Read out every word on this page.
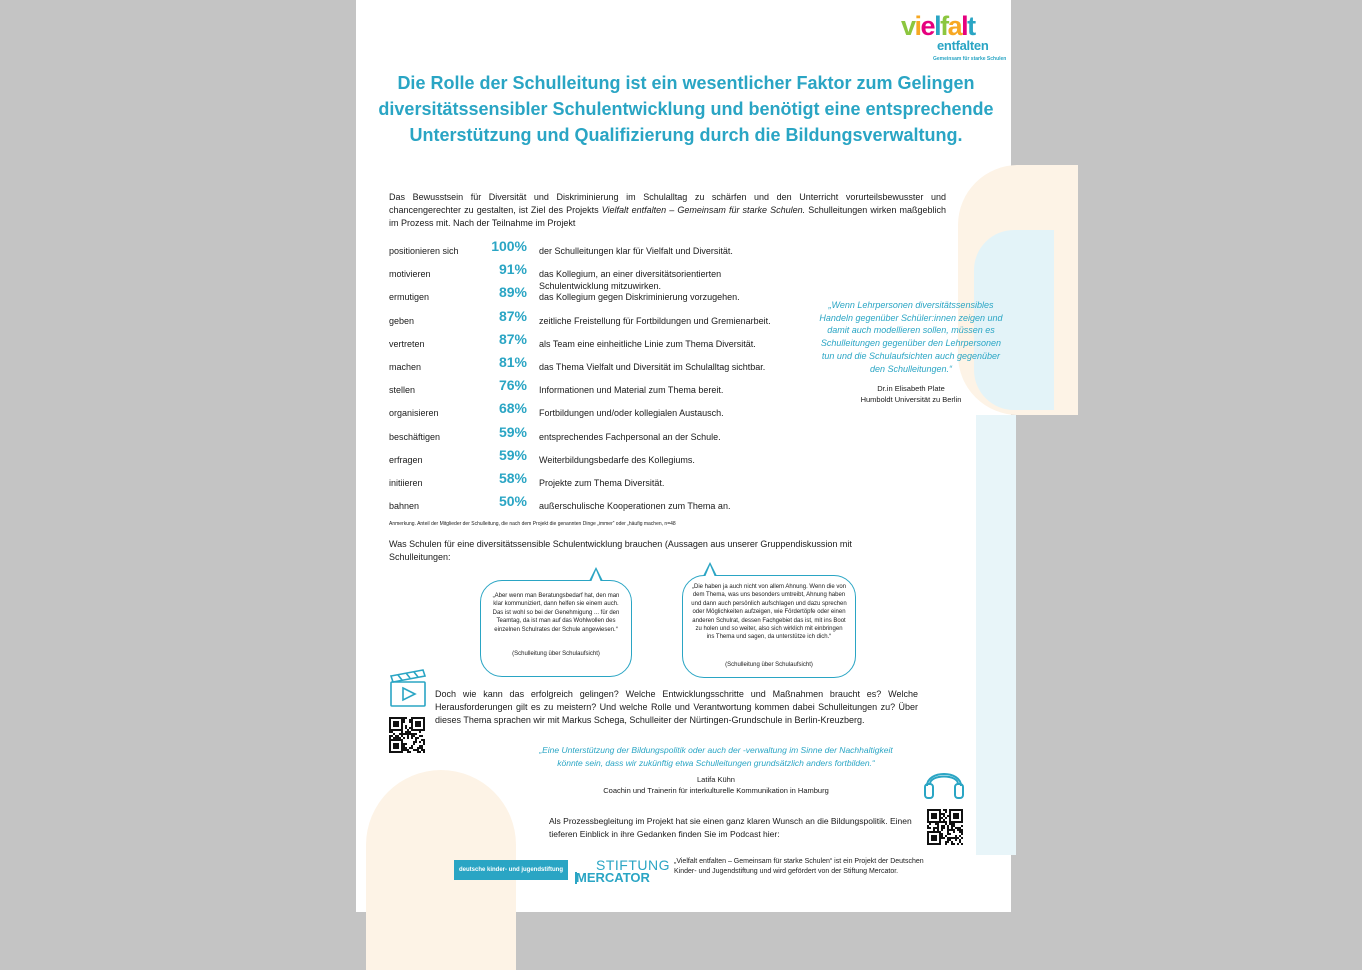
vielfalt
entfalten
Gemeinsam für starke Schulen
Die Rolle der Schulleitung ist ein wesentlicher Faktor zum Gelingen diversitätssensibler Schulentwicklung und benötigt eine entsprechende Unterstützung und Qualifizierung durch die Bildungsverwaltung.

Das Bewusstsein für Diversität und Diskriminierung im Schulalltag zu schärfen und den Unterricht vorurteilsbewusster und chancengerechter zu gestalten, ist Ziel des Projekts Vielfalt entfalten – Gemeinsam für starke Schulen. Schulleitungen wirken maßgeblich im Prozess mit. Nach der Teilnahme im Projekt

positionieren sich	100% der Schulleitungen klar für Vielfalt und Diversität.
motivieren	91% das Kollegium, an einer diversitätsorientierten Schulentwicklung mitzuwirken.
ermutigen	89% das Kollegium gegen Diskriminierung vorzugehen.
geben	87% zeitliche Freistellung für Fortbildungen und Gremienarbeit.
vertreten	87% als Team eine einheitliche Linie zum Thema Diversität.
machen	81% das Thema Vielfalt und Diversität im Schulalltag sichtbar.
stellen	76% Informationen und Material zum Thema bereit.
organisieren	68% Fortbildungen und/oder kollegialen Austausch.
beschäftigen	59% entsprechendes Fachpersonal an der Schule.
erfragen	59% Weiterbildungsbedarfe des Kollegiums.
initiieren	58% Projekte zum Thema Diversität.
bahnen	50% außerschulische Kooperationen zum Thema an.
Anmerkung. Anteil der Mitglieder der Schulleitung, die nach dem Projekt die genannten Dinge „immer“ oder „häufig machen, n=48

„Wenn Lehrpersonen diversitätssensibles Handeln gegenüber Schüler:innen zeigen und damit auch modellieren sollen, müssen es Schulleitungen gegenüber den Lehrpersonen tun und die Schulaufsichten auch gegenüber den Schulleitungen.“

Dr.in Elisabeth Plate

Humboldt Universität zu Berlin

Was Schulen für eine diversitätssensible Schulentwicklung brauchen (Aussagen aus unserer Gruppendiskussion mit Schulleitungen:

„Aber wenn man Beratungsbedarf hat, den man klar kommuniziert, dann helfen sie einem auch. Das ist wohl so bei der Genehmigung ... für den Teamtag, da ist man auf das Wohlwollen des einzelnen Schulrates der Schule angewiesen.“

(Schulleitung über Schulaufsicht)

„Die haben ja auch nicht von allem Ahnung. Wenn die von dem Thema, was uns besonders umtreibt, Ahnung haben und dann auch persönlich aufschlagen und dazu sprechen oder Möglichkeiten aufzeigen, wie Fördertöpfe oder einen anderen Schulrat, dessen Fachgebiet das ist, mit ins Boot zu holen und so weiter, also sich wirklich mit einbringen ins Thema und sagen, da unterstütze ich dich.“

(Schulleitung über Schulaufsicht)

Doch wie kann das erfolgreich gelingen? Welche Entwicklungsschritte und Maßnahmen braucht es? Welche Herausforderungen gilt es zu meistern? Und welche Rolle und Verantwortung kommen dabei Schulleitungen zu? Über dieses Thema sprachen wir mit Markus Schega, Schulleiter der Nürtingen-Grundschule in Berlin-Kreuzberg.

„Eine Unterstützung der Bildungspolitik oder auch der -verwaltung im Sinne der Nachhaltigkeit könnte sein, dass wir zukünftig etwa Schulleitungen grundsätzlich anders fortbilden.“

Latifa Kühn

Coachin und Trainerin für interkulturelle Kommunikation in Hamburg

Als Prozessbegleitung im Projekt hat sie einen ganz klaren Wunsch an die Bildungspolitik. Einen tieferen Einblick in ihre Gedanken finden Sie im Podcast hier:

deutsche kinder- und jugendstiftung	STIFTUNG
MERCATOR

„Vielfalt entfalten – Gemeinsam für starke Schulen“ ist ein Projekt der Deutschen Kinder- und Jugendstiftung und wird gefördert von der Stiftung Mercator.
